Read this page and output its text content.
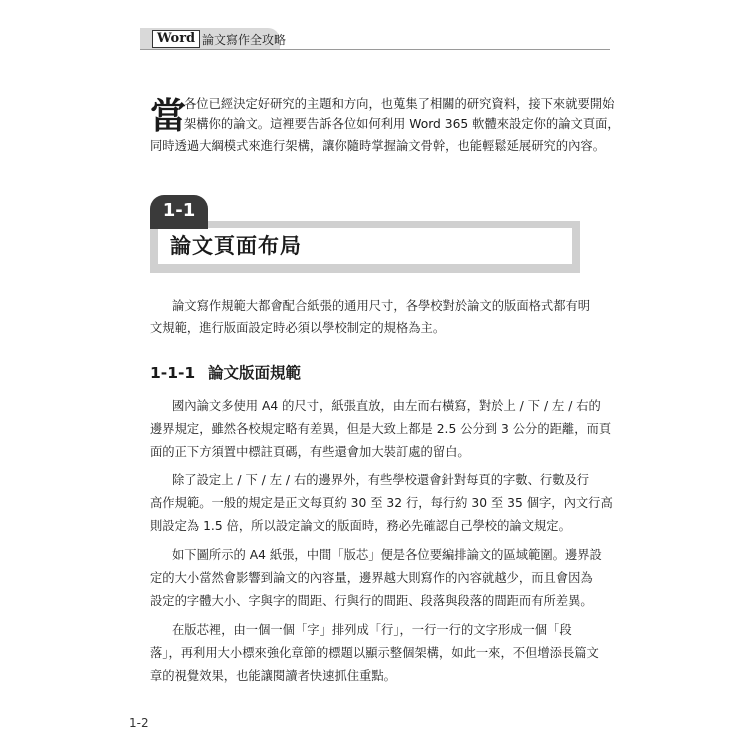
Word 論文寫作全攻略
當
各位已經決定好研究的主題和方向，也蒐集了相關的研究資料，接下來就要開始
架構你的論文。這裡要告訴各位如何利用 Word 365 軟體來設定你的論文頁面，
同時透過大綱模式來進行架構，讓你隨時掌握論文骨幹，也能輕鬆延展研究的內容。
論文頁面布局
1-1
論文寫作規範大都會配合紙張的通用尺寸，各學校對於論文的版面格式都有明
文規範，進行版面設定時必須以學校制定的規格為主。
1-1-1 論文版面規範
國內論文多使用 A4 的尺寸，紙張直放，由左而右橫寫，對於上 / 下 / 左 / 右的
邊界規定，雖然各校規定略有差異，但是大致上都是 2.5 公分到 3 公分的距離，而頁
面的正下方須置中標註頁碼，有些還會加大裝訂處的留白。
除了設定上 / 下 / 左 / 右的邊界外，有些學校還會針對每頁的字數、行數及行
高作規範。一般的規定是正文每頁約 30 至 32 行，每行約 30 至 35 個字，內文行高
則設定為 1.5 倍，所以設定論文的版面時，務必先確認自己學校的論文規定。
如下圖所示的 A4 紙張，中間「版芯」便是各位要編排論文的區域範圍。邊界設
定的大小當然會影響到論文的內容量，邊界越大則寫作的內容就越少，而且會因為
設定的字體大小、字與字的間距、行與行的間距、段落與段落的間距而有所差異。
在版芯裡，由一個一個「字」排列成「行」，一行一行的文字形成一個「段
落」，再利用大小標來強化章節的標題以顯示整個架構，如此一來，不但增添長篇文
章的視覺效果，也能讓閱讀者快速抓住重點。
1-2
